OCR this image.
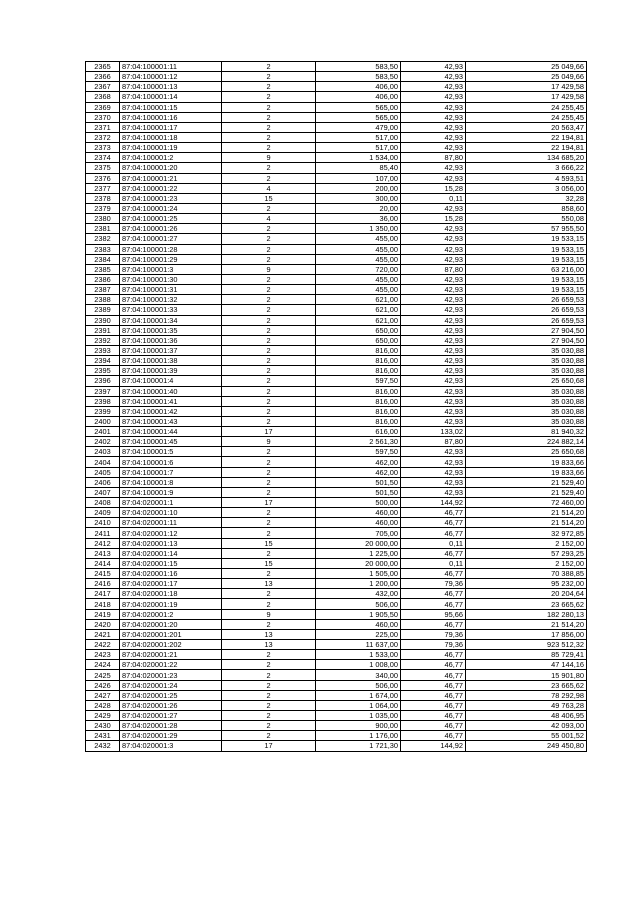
2365	87:04:100001:11	2	583,50	42,93	25 049,66
2366	87:04:100001:12	2	583,50	42,93	25 049,66
2367	87:04:100001:13	2	406,00	42,93	17 429,58
2368	87:04:100001:14	2	406,00	42,93	17 429,58
2369	87:04:100001:15	2	565,00	42,93	24 255,45
2370	87:04:100001:16	2	565,00	42,93	24 255,45
2371	87:04:100001:17	2	479,00	42,93	20 563,47
2372	87:04:100001:18	2	517,00	42,93	22 194,81
2373	87:04:100001:19	2	517,00	42,93	22 194,81
2374	87:04:100001:2	9	1 534,00	87,80	134 685,20
2375	87:04:100001:20	2	85,40	42,93	3 666,22
2376	87:04:100001:21	2	107,00	42,93	4 593,51
2377	87:04:100001:22	4	200,00	15,28	3 056,00
2378	87:04:100001:23	15	300,00	0,11	32,28
2379	87:04:100001:24	2	20,00	42,93	858,60
2380	87:04:100001:25	4	36,00	15,28	550,08
2381	87:04:100001:26	2	1 350,00	42,93	57 955,50
2382	87:04:100001:27	2	455,00	42,93	19 533,15
2383	87:04:100001:28	2	455,00	42,93	19 533,15
2384	87:04:100001:29	2	455,00	42,93	19 533,15
2385	87:04:100001:3	9	720,00	87,80	63 216,00
2386	87:04:100001:30	2	455,00	42,93	19 533,15
2387	87:04:100001:31	2	455,00	42,93	19 533,15
2388	87:04:100001:32	2	621,00	42,93	26 659,53
2389	87:04:100001:33	2	621,00	42,93	26 659,53
2390	87:04:100001:34	2	621,00	42,93	26 659,53
2391	87:04:100001:35	2	650,00	42,93	27 904,50
2392	87:04:100001:36	2	650,00	42,93	27 904,50
2393	87:04:100001:37	2	816,00	42,93	35 030,88
2394	87:04:100001:38	2	816,00	42,93	35 030,88
2395	87:04:100001:39	2	816,00	42,93	35 030,88
2396	87:04:100001:4	2	597,50	42,93	25 650,68
2397	87:04:100001:40	2	816,00	42,93	35 030,88
2398	87:04:100001:41	2	816,00	42,93	35 030,88
2399	87:04:100001:42	2	816,00	42,93	35 030,88
2400	87:04:100001:43	2	816,00	42,93	35 030,88
2401	87:04:100001:44	17	616,00	133,02	81 940,32
2402	87:04:100001:45	9	2 561,30	87,80	224 882,14
2403	87:04:100001:5	2	597,50	42,93	25 650,68
2404	87:04:100001:6	2	462,00	42,93	19 833,66
2405	87:04:100001:7	2	462,00	42,93	19 833,66
2406	87:04:100001:8	2	501,50	42,93	21 529,40
2407	87:04:100001:9	2	501,50	42,93	21 529,40
2408	87:04:020001:1	17	500,00	144,92	72 460,00
2409	87:04:020001:10	2	460,00	46,77	21 514,20
2410	87:04:020001:11	2	460,00	46,77	21 514,20
2411	87:04:020001:12	2	705,00	46,77	32 972,85
2412	87:04:020001:13	15	20 000,00	0,11	2 152,00
2413	87:04:020001:14	2	1 225,00	46,77	57 293,25
2414	87:04:020001:15	15	20 000,00	0,11	2 152,00
2415	87:04:020001:16	2	1 505,00	46,77	70 388,85
2416	87:04:020001:17	13	1 200,00	79,36	95 232,00
2417	87:04:020001:18	2	432,00	46,77	20 204,64
2418	87:04:020001:19	2	506,00	46,77	23 665,62
2419	87:04:020001:2	9	1 905,50	95,66	182 280,13
2420	87:04:020001:20	2	460,00	46,77	21 514,20
2421	87:04:020001:201	13	225,00	79,36	17 856,00
2422	87:04:020001:202	13	11 637,00	79,36	923 512,32
2423	87:04:020001:21	2	1 533,00	46,77	85 729,41
2424	87:04:020001:22	2	1 008,00	46,77	47 144,16
2425	87:04:020001:23	2	340,00	46,77	15 901,80
2426	87:04:020001:24	2	506,00	46,77	23 665,62
2427	87:04:020001:25	2	1 674,00	46,77	78 292,98
2428	87:04:020001:26	2	1 064,00	46,77	49 763,28
2429	87:04:020001:27	2	1 035,00	46,77	48 406,95
2430	87:04:020001:28	2	900,00	46,77	42 093,00
2431	87:04:020001:29	2	1 176,00	46,77	55 001,52
2432	87:04:020001:3	17	1 721,30	144,92	249 450,80
